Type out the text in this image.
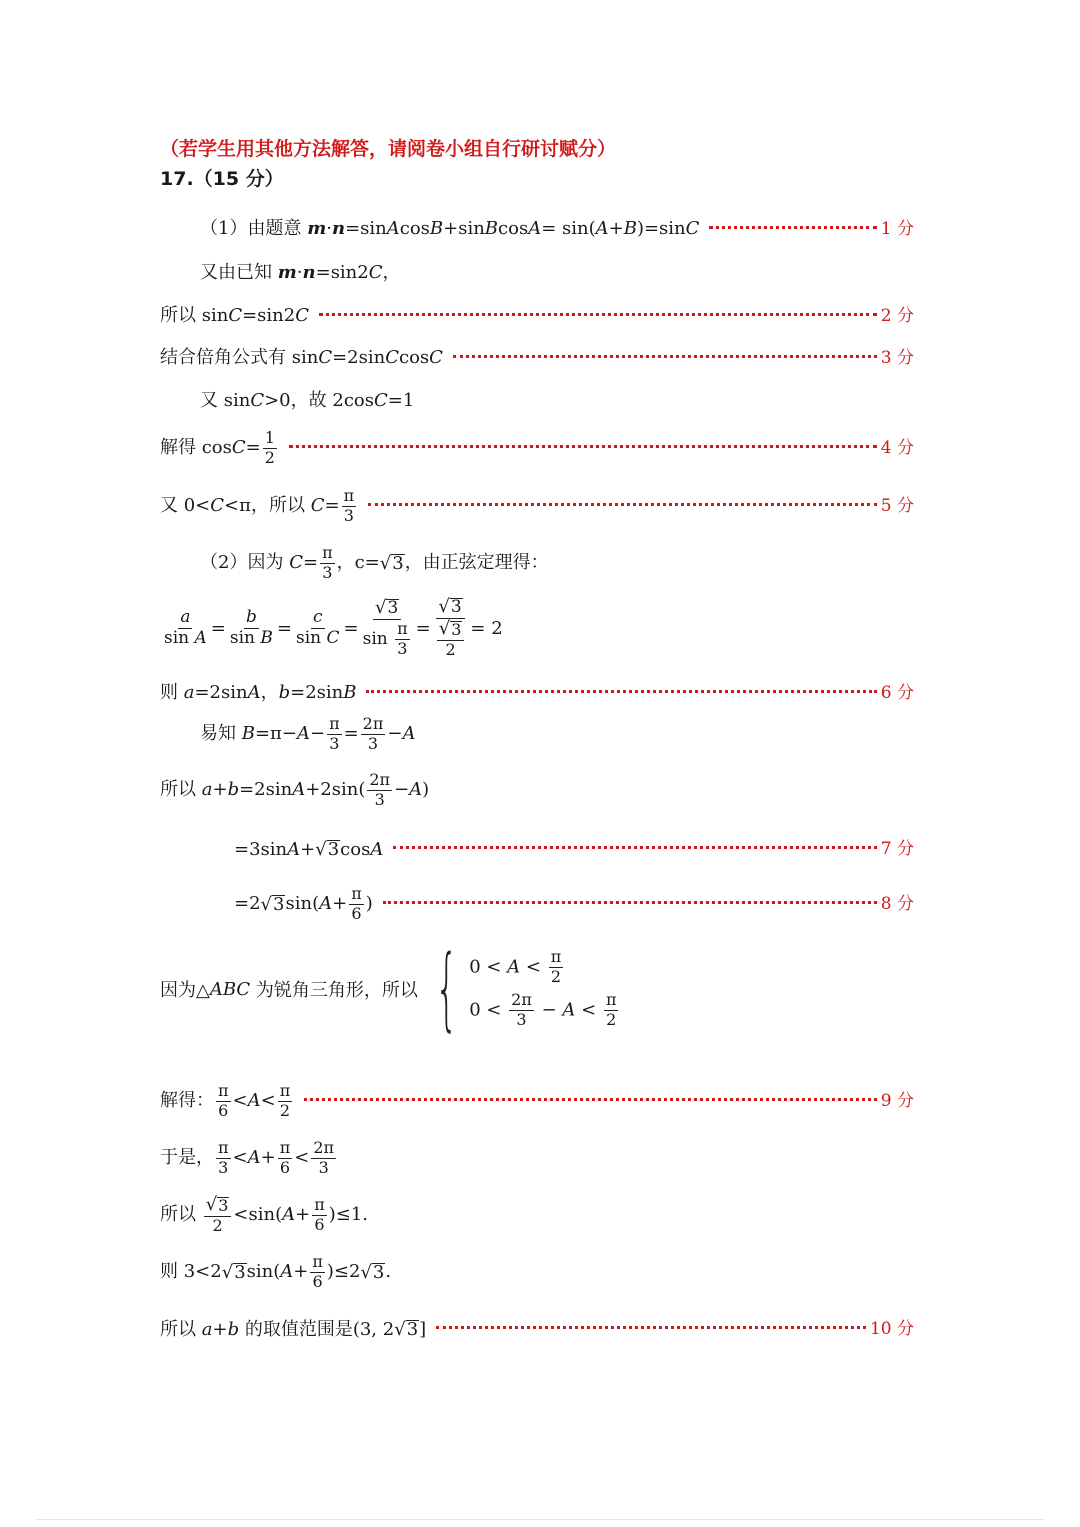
（若学生用其他方法解答，请阅卷小组自行研讨赋分）
17.（15 分）
（1）由题意
m · n =sin A cos B +sin B cos A = sin( A + B )=sin C	1 分
又由已知
m · n =sin2 C ，
所以 sin C =sin2 C	2 分
结合倍角公式有 sin C =2sin C cos C	3 分
又 sin C >0 ，故 2cos C =1
解得 $\cos C = \frac{1}{2}$	4 分
又 0< C <π， 所以
$C = \frac{\pi}{3}$	5 分
（2）因为
$C = \frac{\pi}{3}$ ，c= √ 3 ，由正弦定理得：
$\frac{a}{\text{sin A}} = \frac{b}{\text{sin B}} = \frac{c}{\text{sin C}} = \frac{√ 3}{\sin \frac{\pi}{3}} = \frac{√ 3}{\frac{√ 3}{2}} = 2$
则
a =2sin A ， b =2sin B	6 分
易知
$B =\pi- A - \frac{\pi}{3} = \frac{2\pi}{3} - A$
所以
a + b =2sin $A +2\sin( \frac{2\pi}{3} - A$ )
=3sin A + √ 3 cos A	7 分
=2 √ 3 sin( $A + \frac{\pi}{6}$ )	8 分
因为△ ABC
为锐角三角形，所以 { $0 < A < \frac{\pi}{2}$
$0 < \frac{2\pi}{3} - A < \frac{\pi}{2}$
解得： $\frac{\pi}{6} < A < \frac{\pi}{2}$	9 分
于是， $\frac{\pi}{3} < A + \frac{\pi}{6} < \frac{2\pi}{3}$
所以
$\frac{√ 3}{2} <\sin$( $A + \frac{\pi}{6} )\le 1$.
则 3<2 √ 3 sin( $A + \frac{\pi}{6} )\le 2$ √ 3 .
所以
a + b
的取值范围是 (3, 2 √ 3 ]	10 分
